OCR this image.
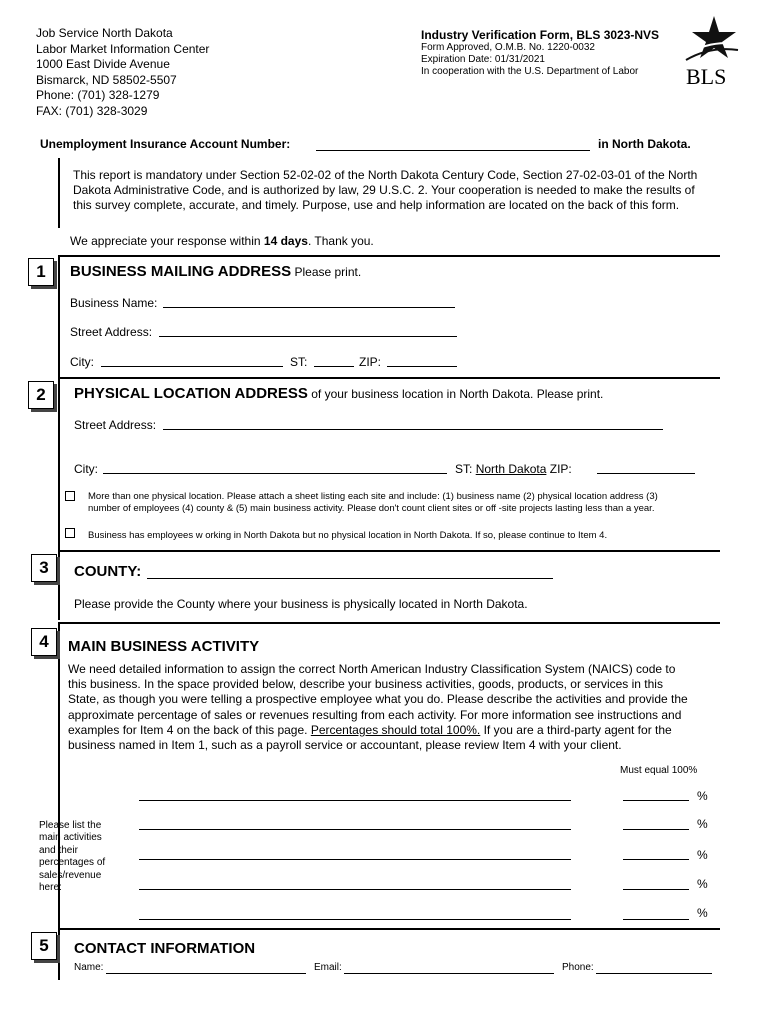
Job Service North Dakota
Labor Market Information Center
1000 East Divide Avenue
Bismarck, ND 58502-5507
Phone: (701) 328-1279
FAX: (701) 328-3029
Industry Verification Form, BLS 3023-NVS
Form Approved, O.M.B. No. 1220-0032
Expiration Date: 01/31/2021
In cooperation with the U.S. Department of Labor	BLS
Unemployment Insurance Account Number:	in North Dakota.
This report is mandatory under Section 52-02-02 of the North Dakota Century Code, Section 27-02-03-01 of the North Dakota Administrative Code, and is authorized by law, 29 U.S.C. 2. Your cooperation is needed to make the results of this survey complete, accurate, and timely. Purpose, use and help information are located on the back of this form.
We appreciate your response within 14 days. Thank you.
1	BUSINESS MAILING ADDRESS Please print.
Business Name:
Street Address:
City:	ST:	ZIP:
2	PHYSICAL LOCATION ADDRESS of your business location in North Dakota. Please print.
Street Address:
City:	ST: North Dakota ZIP:
More than one physical location. Please attach a sheet listing each site and include: (1) business name (2) physical location address (3)
number of employees (4) county & (5) main business activity. Please don't count client sites or off -site projects lasting less than a year.
Business has employees w orking in North Dakota but no physical location in North Dakota. If so, please continue to Item 4.
3	COUNTY:
Please provide the County where your business is physically located in North Dakota.
4	MAIN BUSINESS ACTIVITY
We need detailed information to assign the correct North American Industry Classification System (NAICS) code to this business. In the space provided below, describe your business activities, goods, products, or services in this State, as though you were telling a prospective employee what you do. Please describe the activities and provide the approximate percentage of sales or revenues resulting from each activity. For more information see instructions and examples for Item 4 on the back of this page. Percentages should total 100%. If you are a third-party agent for the business named in Item 1, such as a payroll service or accountant, please review Item 4 with your client.
Must equal 100%
Please list the
main activities
and their
percentages of
sales/revenue
here:
%
%
%
%
%
5	CONTACT INFORMATION
Name:	Email:	Phone:
